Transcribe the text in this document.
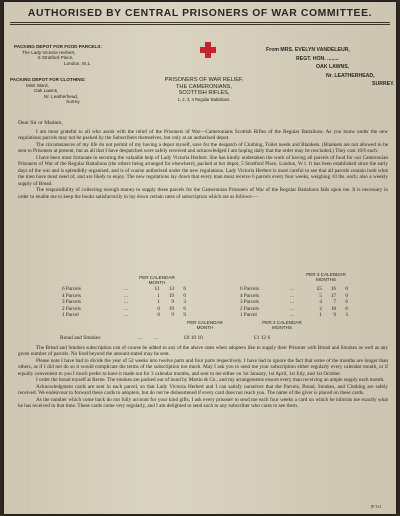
AUTHORISED BY CENTRAL PRISONERS OF WAR COMMITTEE.
PACKING DEPOT FOR FOOD PARCELS:
The Lady Victoria Herbert,
5 Stratford Place,
London, W.1.
PACKING DEPOT FOR CLOTHING:
Miss Ward,
Oak Lawns,
Nr. Leatherhead,
Surrey.
PRISONERS OF WAR RELIEF.
THE CAMERONIANS,
SCOTTISH RIFLES,
1, 2, 3, 4 Regular Battalions.
From MRS. EVELYN VANDELEUR,
REGT. HON. ........
OAK LAWNS,
Nr. LEATHERHEAD,
SURREY.
Dear Sir or Madam,

I am most grateful to all who assist with the relief of the Prisoners of War—Cameronians Scottish Rifles of the Regular Battalions. As you know under the new regulations parcels may not be packed by the Subscribers themselves, but only at an authorised depot.

The circumstances of my life do not permit of my having a depot myself, save for the despatch of Clothing, Toilet needs and Blankets. (Blankets are not allowed to be sent to Prisoners at present, but as all that I have despatched were safely received and acknowledged I am hoping daily that the order may be rescinded.) They cost 10/6 each.

I have been most fortunate in securing the valuable help of Lady Victoria Herbert. She has kindly undertaken the work of having all parcels of food for our Cameronian Prisoners of War of the Regular Battalions (the others being arranged for elsewhere), packed at her depot, 5 Stratford Place, London, W.1. It has been established since the early days of the war and is splendidly organised, and is of course authorised under the new regulations. Lady Victoria Herbert is most careful to see that all parcels contain both what the men have most need of, and are likely to enjoy. The new regulations lay down that every man must receive 6 parcels every four weeks, weighing 10 lbs. each; also a weekly supply of Bread.

The responsibility of collecting enough money to supply these parcels for the Cameronian Prisoners of War of the Regular Battalions falls upon me. It is necessary in order to enable me to keep the books satisfactorily to lay down certain rates of subscription which are as follows:—

PER CALENDAR
MONTH
PER 3 CALENDAR
MONTHS
6 Parcels	...	£1	13	6
4 Parcels	...	1	19	0
3 Parcels	...	1	9	3
2 Parcels	...	0	19	6
1 Parcel	...	0	9	9
6 Parcels	...	£5	16	0
4 Parcels	...	5	17	0
3 Parcels	...	4	7	6
2 Parcels	...	2	18	6
1 Parcel	...	1	9	3
PER CALENDAR
MONTH
PER 3 CALENDAR
MONTHS
Bread and Smokes	... ...	£0 10 10	£1 12 6

The Bread and Smokes subscription can of course be added to any of the above rates when adopters like to supply their Prisoner with Bread and Smokes as well as any given number of parcels. No food beyond the amount stated may be sent.

Please note I have had to divide the year of 52 weeks into twelve parts and four parts respectively. I have had to ignore the fact that some of the months are longer than others, as if I did not do so it would complicate the terms of the subscription too much. May I ask you to send me your subscription either regularly every calendar month, or if equally convenient to you I much prefer to have it made out for 3 calendar months, and sent to me either on 1st January, 1st April, 1st July, and 1st October.

I order the bread myself at Berne. The smokes are packed out of bond by Martin & Co., and my arrangements ensure every man receiving an ample supply each month.

Acknowledgment cards are sent in each parcel, so that Lady Victoria Herbert and I can satisfy ourselves that the Parcels, Bread, Smokes, and Clothing are safely received. We endeavour to forward these cards to adopters, but do not be disheartened if every card does not reach you. The name of the giver is placed on these cards.

As the number which come back do not fully account for your kind gifts, I ask every prisoner to send me each four weeks a card on which he informs me exactly what he has received in that time. These cards come very regularly, and I am delighted to send such to any subscriber who cares to see them.

[P.T.O.
